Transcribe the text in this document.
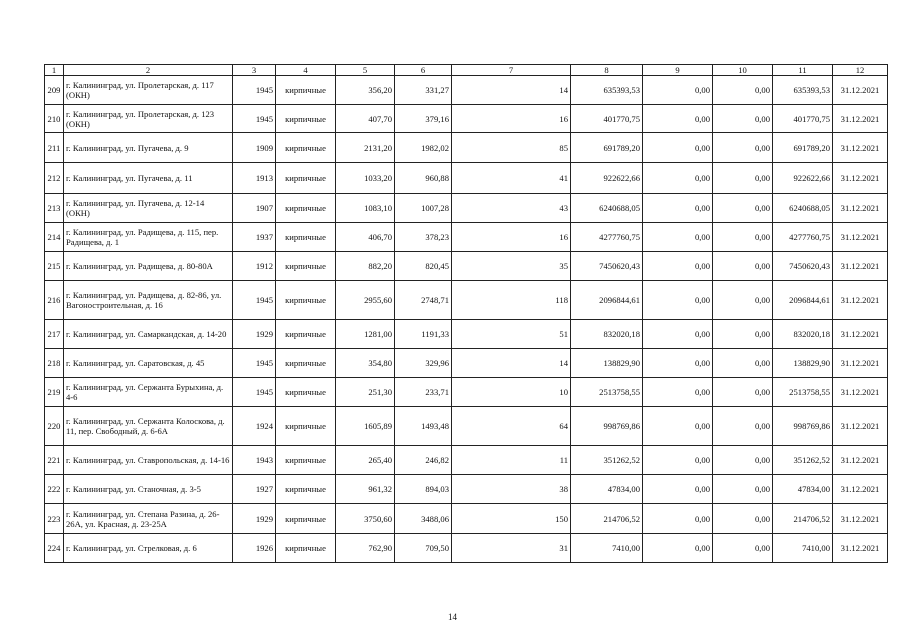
1	2	3	4	5	6	7	8	9	10	11	12
209	г. Калининград, ул. Пролетарская, д. 117 (ОКН)	1945	кирпичные	356,20	331,27	14	635393,53	0,00	0,00	635393,53	31.12.2021
210	г. Калининград, ул. Пролетарская, д. 123 (ОКН)	1945	кирпичные	407,70	379,16	16	401770,75	0,00	0,00	401770,75	31.12.2021
211	г. Калининград, ул. Пугачева, д. 9	1909	кирпичные	2131,20	1982,02	85	691789,20	0,00	0,00	691789,20	31.12.2021
212	г. Калининград, ул. Пугачева, д. 11	1913	кирпичные	1033,20	960,88	41	922622,66	0,00	0,00	922622,66	31.12.2021
213	г. Калининград, ул. Пугачева, д. 12-14 (ОКН)	1907	кирпичные	1083,10	1007,28	43	6240688,05	0,00	0,00	6240688,05	31.12.2021
214	г. Калининград, ул. Радищева, д. 115, пер. Радищева, д. 1	1937	кирпичные	406,70	378,23	16	4277760,75	0,00	0,00	4277760,75	31.12.2021
215	г. Калининград, ул. Радищева, д. 80-80А	1912	кирпичные	882,20	820,45	35	7450620,43	0,00	0,00	7450620,43	31.12.2021
216	г. Калининград, ул. Радищева, д. 82-86, ул. Вагоностроительная, д. 16	1945	кирпичные	2955,60	2748,71	118	2096844,61	0,00	0,00	2096844,61	31.12.2021
217	г. Калининград, ул. Самаркандская, д. 14-20	1929	кирпичные	1281,00	1191,33	51	832020,18	0,00	0,00	832020,18	31.12.2021
218	г. Калининград, ул. Саратовская, д. 45	1945	кирпичные	354,80	329,96	14	138829,90	0,00	0,00	138829,90	31.12.2021
219	г. Калининград, ул. Сержанта Бурыхина, д. 4-6	1945	кирпичные	251,30	233,71	10	2513758,55	0,00	0,00	2513758,55	31.12.2021
220	г. Калининград, ул. Сержанта Колоскова, д. 11, пер. Свободный, д. 6-6А	1924	кирпичные	1605,89	1493,48	64	998769,86	0,00	0,00	998769,86	31.12.2021
221	г. Калининград, ул. Ставропольская, д. 14-16	1943	кирпичные	265,40	246,82	11	351262,52	0,00	0,00	351262,52	31.12.2021
222	г. Калининград, ул. Станочная, д. 3-5	1927	кирпичные	961,32	894,03	38	47834,00	0,00	0,00	47834,00	31.12.2021
223	г. Калининград, ул. Степана Разина, д. 26-26А, ул. Красная, д. 23-25А	1929	кирпичные	3750,60	3488,06	150	214706,52	0,00	0,00	214706,52	31.12.2021
224	г. Калининград, ул. Стрелковая, д. 6	1926	кирпичные	762,90	709,50	31	7410,00	0,00	0,00	7410,00	31.12.2021
14
